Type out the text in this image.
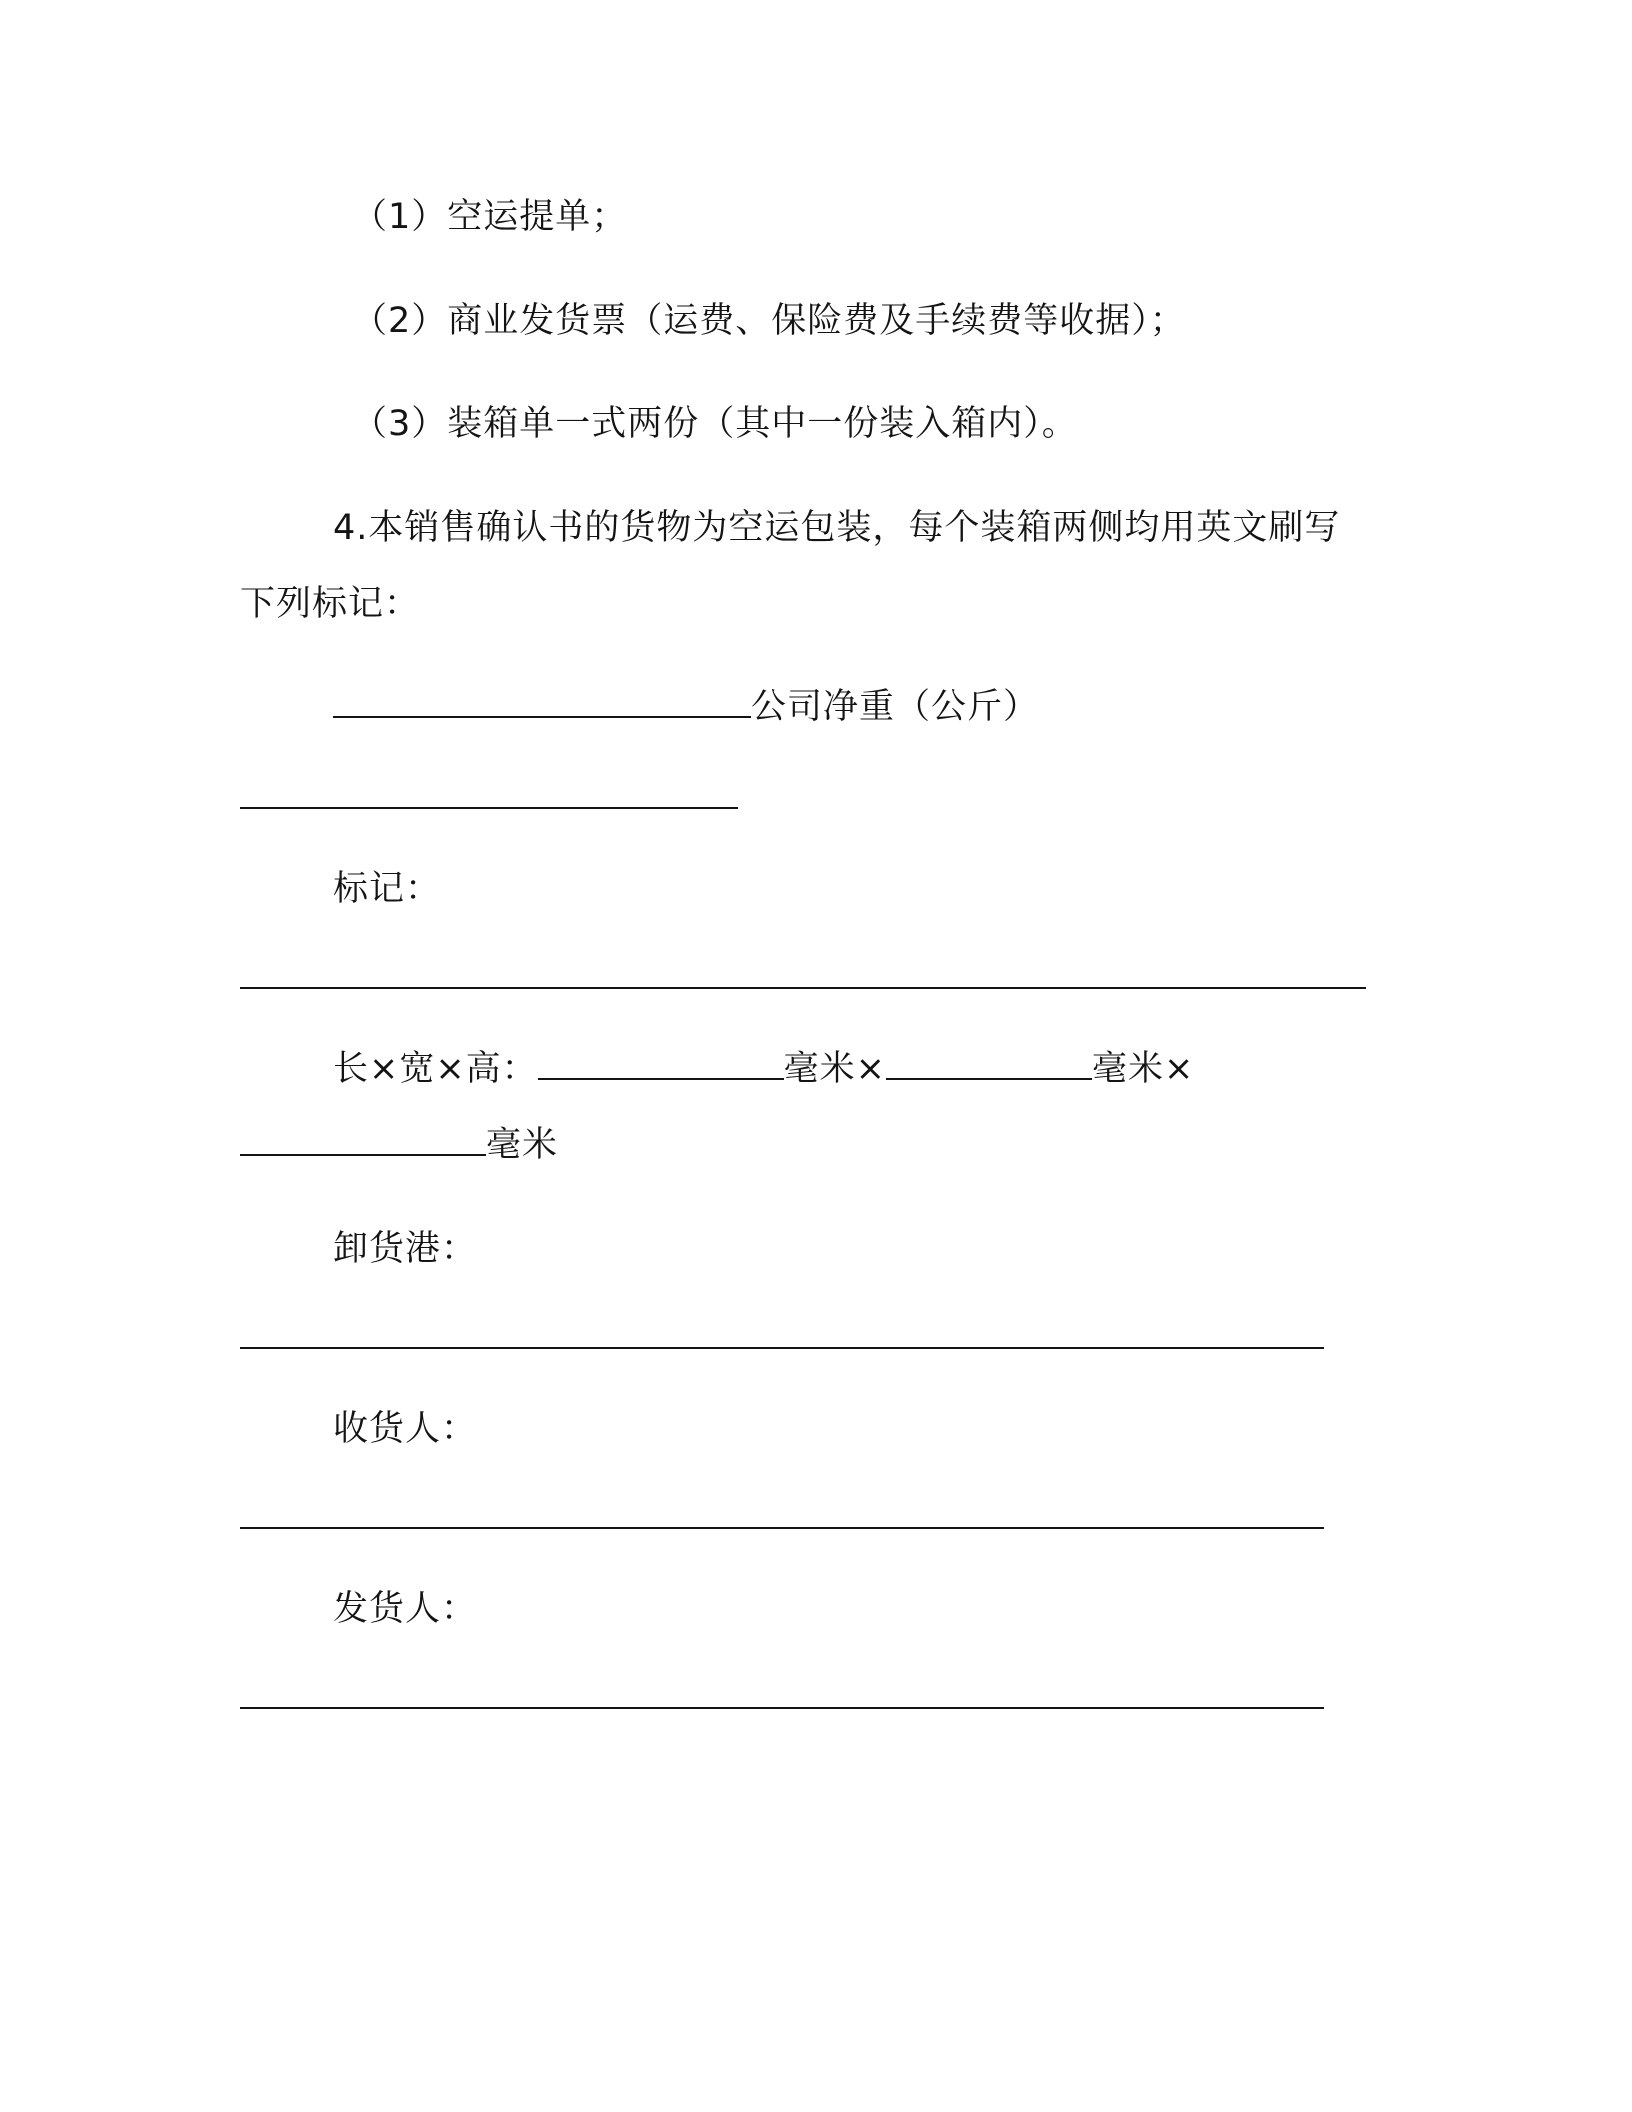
（1）空运提单；
（2）商业发货票（运费、保险费及手续费等收据）；
（3）装箱单一式两份（其中一份装入箱内）。
4.本销售确认书的货物为空运包装，每个装箱两侧均用英文刷写
下列标记：
公司净重（公斤）
标记：
长×宽×高：	毫米×	毫米×
毫米
卸货港：
收货人：
发货人：
